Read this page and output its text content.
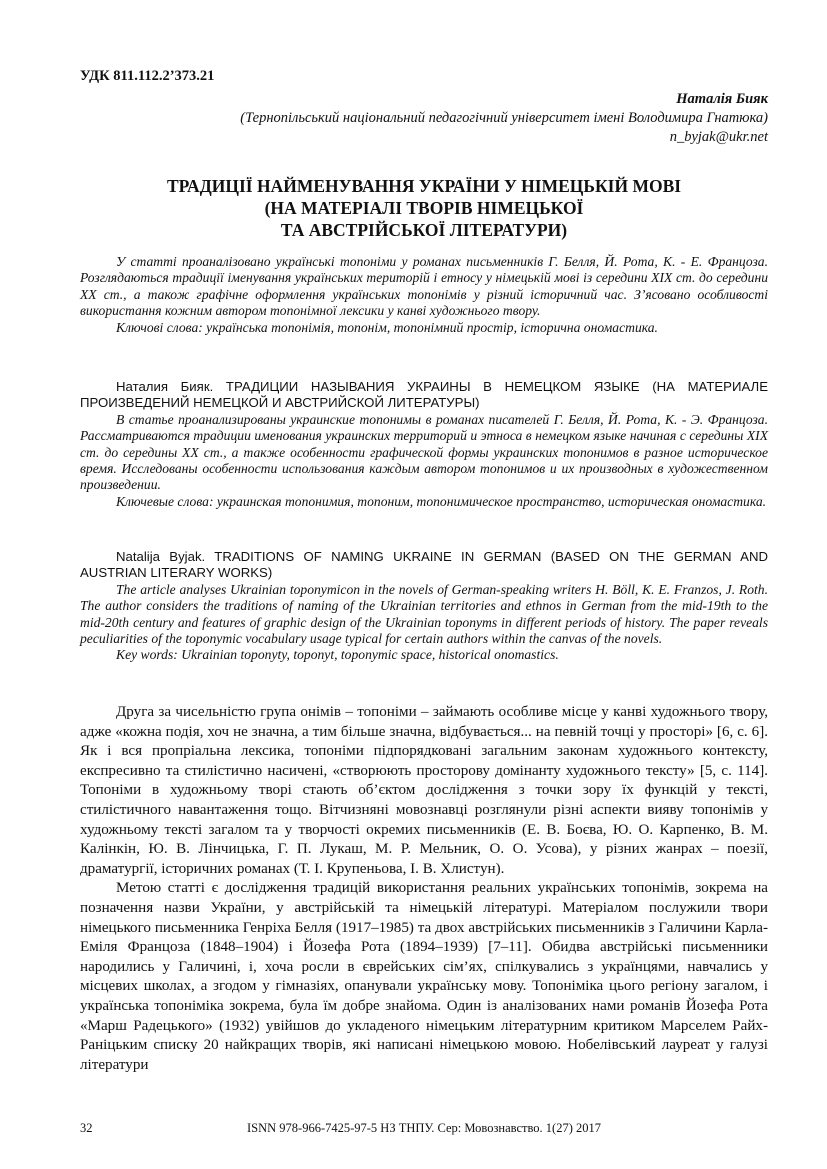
УДК 811.112.2’373.21
Наталія Бияк
(Тернопільський національний педагогічний університет імені Володимира Гнатюка)
n_byjak@ukr.net
ТРАДИЦІЇ НАЙМЕНУВАННЯ УКРАЇНИ У НІМЕЦЬКІЙ МОВІ
(НА МАТЕРІАЛІ ТВОРІВ НІМЕЦЬКОЇ
ТА АВСТРІЙСЬКОЇ ЛІТЕРАТУРИ)

У статті проаналізовано українські топоніми у романах письменників Г. Белля, Й. Рота, К. - Е. Францоза. Розглядаються традиції іменування українських територій і етносу у німецькій мові із середини XIX ст. до середини XX ст., а також графічне оформлення українських топонімів у різний історичний час. З’ясовано особливості використання кожним автором топонімної лексики у канві художнього твору.

Ключові слова: українська топонімія, топонім, топонімний простір, історична ономастика.

Наталия Бияк. ТРАДИЦИИ НАЗЫВАНИЯ УКРАИНЫ В НЕМЕЦКОМ ЯЗЫКЕ (НА МАТЕРИАЛЕ ПРОИЗВЕДЕНИЙ НЕМЕЦКОЙ И АВСТРИЙСКОЙ ЛИТЕРАТУРЫ)

В статье проанализированы украинские топонимы в романах писателей Г. Белля, Й. Рота, К. - Э. Францоза. Рассматриваются традиции именования украинских территорий и этноса в немецком языке начиная с середины XIX ст. до середины XX ст., а также особенности графической формы украинских топонимов в разное историческое время. Исследованы особенности использования каждым автором топонимов и их производных в художественном произведении.

Ключевые слова: украинская топонимия, топоним, топонимическое пространство, историческая ономастика.

Natalija Byjak. TRADITIONS OF NAMING UKRAINE IN GERMAN (BASED ON THE GERMAN AND AUSTRIAN LITERARY WORKS)

The article analyses Ukrainian toponymicon in the novels of German-speaking writers H. Böll, K. E. Franzos, J. Roth. The author considers the traditions of naming of the Ukrainian territories and ethnos in German from the mid-19th to the mid-20th century and features of graphic design of the Ukrainian toponyms in different periods of history. The paper reveals peculiarities of the toponymic vocabulary usage typical for certain authors within the canvas of the novels.

Key words: Ukrainian toponyty, toponyt, toponymic space, historical onomastics.

Друга за чисельністю група онімів – топоніми – займають особливе місце у канві художнього твору, адже «кожна подія, хоч не значна, а тим більше значна, відбувається... на певній точці у просторі» [6, с. 6]. Як і вся пропріальна лексика, топоніми підпорядковані загальним законам художнього контексту, експресивно та стилістично насичені, «створюють просторову домінанту художнього тексту» [5, с. 114]. Топоніми в художньому творі стають об’єктом дослідження з точки зору їх функцій у тексті, стилістичного навантаження тощо. Вітчизняні мовознавці розглянули різні аспекти вияву топонімів у художньому тексті загалом та у творчості окремих письменників (Е. В. Боєва, Ю. О. Карпенко, В. М. Калінкін, Ю. В. Лінчицька, Г. П. Лукаш, М. Р. Мельник, О. О. Усова), у різних жанрах – поезії, драматургії, історичних романах (Т. І. Крупеньова, І. В. Хлистун).

Метою статті є дослідження традицій використання реальних українських топонімів, зокрема на позначення назви України, у австрійській та німецькій літературі. Матеріалом послужили твори німецького письменника Генріха Белля (1917–1985) та двох австрійських письменників з Галичини Карла-Еміля Францоза (1848–1904) і Йозефа Рота (1894–1939) [7–11]. Обидва австрійські письменники народились у Галичині, і, хоча росли в єврейських сім’ях, спілкувались з українцями, навчались у місцевих школах, а згодом у гімназіях, опанували українську мову. Топоніміка цього регіону загалом, і українська топоніміка зокрема, була їм добре знайома. Один із аналізованих нами романів Йозефа Рота «Марш Радецького» (1932) увійшов до укладеного німецьким літературним критиком Марселем Райх-Раніцьким списку 20 найкращих творів, які написані німецькою мовою. Нобелівський лауреат у галузі літератури

32	ISNN 978-966-7425-97-5 НЗ ТНПУ. Сер: Мовознавство. 1(27) 2017
